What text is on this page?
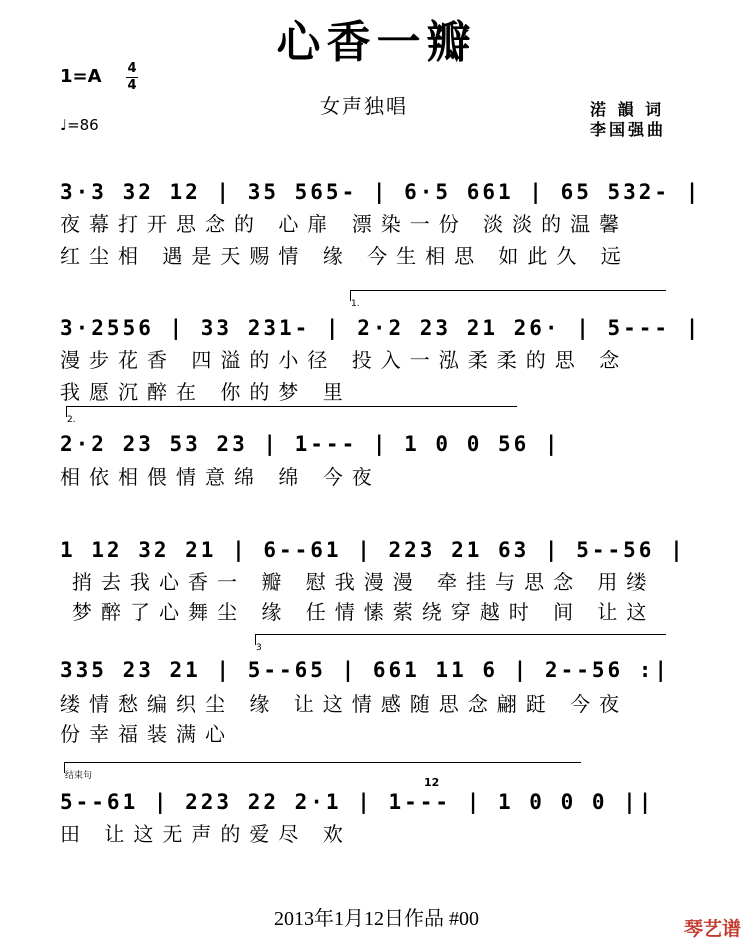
心香一瓣
1=A 4
4
♩=86
女声独唱	渃 韻 词
李国强曲
3·3 32 12 | 35 565- | 6·5 661 | 65 532- |
夜幕打开思念的 心扉 漂染一份 淡淡的温馨
红尘相 遇是天赐情 缘 今生相思 如此久 远
1.
3·2556 | 33 231- | 2·2 23 21 26· | 5--- |
漫步花香 四溢的小径 投入一泓柔柔的思 念
我愿沉醉在 你的梦 里
2.
2·2 23 53 23 | 1--- | 1 0 0 56 |
相依相偎情意绵 绵 今夜
1 12 32 21 | 6--61 | 223 21 63 | 5--56 |
捎去我心香一 瓣 慰我漫漫 牵挂与思念 用缕
梦醉了心舞尘 缘 任情愫萦绕穿越时 间 让这
3
335 23 21 | 5--65 | 661 11 6 | 2--56 :|
缕情愁编织尘 缘 让这情感随思念翩跹 今夜
份幸福装满心
结束句	12
5--61 | 223 22 2·1 | 1--- | 1 0 0 0 ||
田 让这无声的爱尽 欢
2013年1月12日作品 #00	琴艺谱
